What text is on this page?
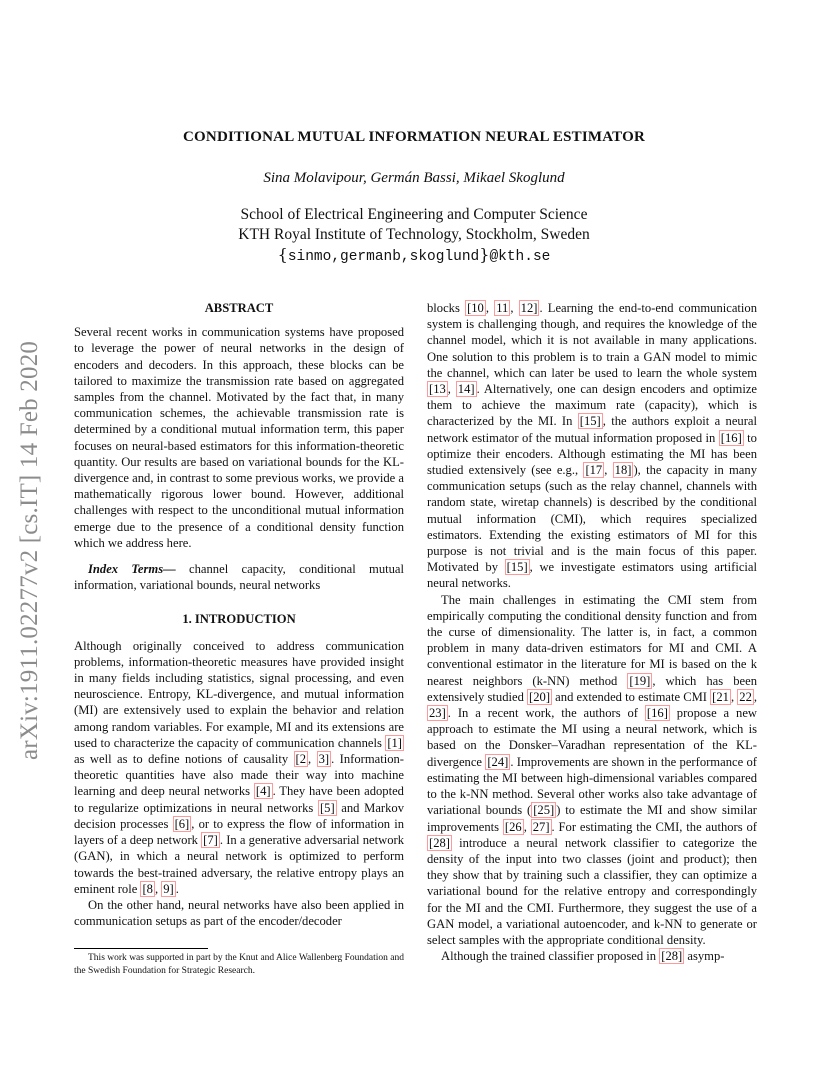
arXiv:1911.02277v2 [cs.IT] 14 Feb 2020
CONDITIONAL MUTUAL INFORMATION NEURAL ESTIMATOR
Sina Molavipour, Germán Bassi, Mikael Skoglund
School of Electrical Engineering and Computer Science
KTH Royal Institute of Technology, Stockholm, Sweden
{sinmo,germanb,skoglund}@kth.se
ABSTRACT

Several recent works in communication systems have proposed to leverage the power of neural networks in the design of encoders and decoders. In this approach, these blocks can be tailored to maximize the transmission rate based on aggregated samples from the channel. Motivated by the fact that, in many communication schemes, the achievable transmission rate is determined by a conditional mutual information term, this paper focuses on neural-based estimators for this information-theoretic quantity. Our results are based on variational bounds for the KL-divergence and, in contrast to some previous works, we provide a mathematically rigorous lower bound. However, additional challenges with respect to the unconditional mutual information emerge due to the presence of a conditional density function which we address here.

Index Terms— channel capacity, conditional mutual information, variational bounds, neural networks

1. INTRODUCTION

Although originally conceived to address communication problems, information-theoretic measures have provided insight in many fields including statistics, signal processing, and even neuroscience. Entropy, KL-divergence, and mutual information (MI) are extensively used to explain the behavior and relation among random variables. For example, MI and its extensions are used to characterize the capacity of communication channels [1] as well as to define notions of causality [2 , 3] . Information-theoretic quantities have also made their way into machine learning and deep neural networks [4] . They have been adopted to regularize optimizations in neural networks [5] and Markov decision processes [6] , or to express the flow of information in layers of a deep network [7] . In a generative adversarial network (GAN), in which a neural network is optimized to perform towards the best-trained adversary, the relative entropy plays an eminent role [8 , 9] .

On the other hand, neural networks have also been applied in communication setups as part of the encoder/decoder

This work was supported in part by the Knut and Alice Wallenberg Foundation and the Swedish Foundation for Strategic Research.

blocks [10 , 11 , 12] . Learning the end-to-end communication system is challenging though, and requires the knowledge of the channel model, which it is not available in many applications. One solution to this problem is to train a GAN model to mimic the channel, which can later be used to learn the whole system [13 , 14] . Alternatively, one can design encoders and optimize them to achieve the maximum rate (capacity), which is characterized by the MI. In [15] , the authors exploit a neural network estimator of the mutual information proposed in [16] to optimize their encoders. Although estimating the MI has been studied extensively (see e.g., [17 , 18] ), the capacity in many communication setups (such as the relay channel, channels with random state, wiretap channels) is described by the conditional mutual information (CMI), which requires specialized estimators. Extending the existing estimators of MI for this purpose is not trivial and is the main focus of this paper. Motivated by [15] , we investigate estimators using artificial neural networks.

The main challenges in estimating the CMI stem from empirically computing the conditional density function and from the curse of dimensionality. The latter is, in fact, a common problem in many data-driven estimators for MI and CMI. A conventional estimator in the literature for MI is based on the k nearest neighbors (k-NN) method [19] , which has been extensively studied [20] and extended to estimate CMI [21 , 22 , 23] . In a recent work, the authors of [16] propose a new approach to estimate the MI using a neural network, which is based on the Donsker–Varadhan representation of the KL-divergence [24] . Improvements are shown in the performance of estimating the MI between high-dimensional variables compared to the k-NN method. Several other works also take advantage of variational bounds ( [25] ) to estimate the MI and show similar improvements [26 , 27] . For estimating the CMI, the authors of [28] introduce a neural network classifier to categorize the density of the input into two classes (joint and product); then they show that by training such a classifier, they can optimize a variational bound for the relative entropy and correspondingly for the MI and the CMI. Furthermore, they suggest the use of a GAN model, a variational autoencoder, and k-NN to generate or select samples with the appropriate conditional density.

Although the trained classifier proposed in [28] asymp-
